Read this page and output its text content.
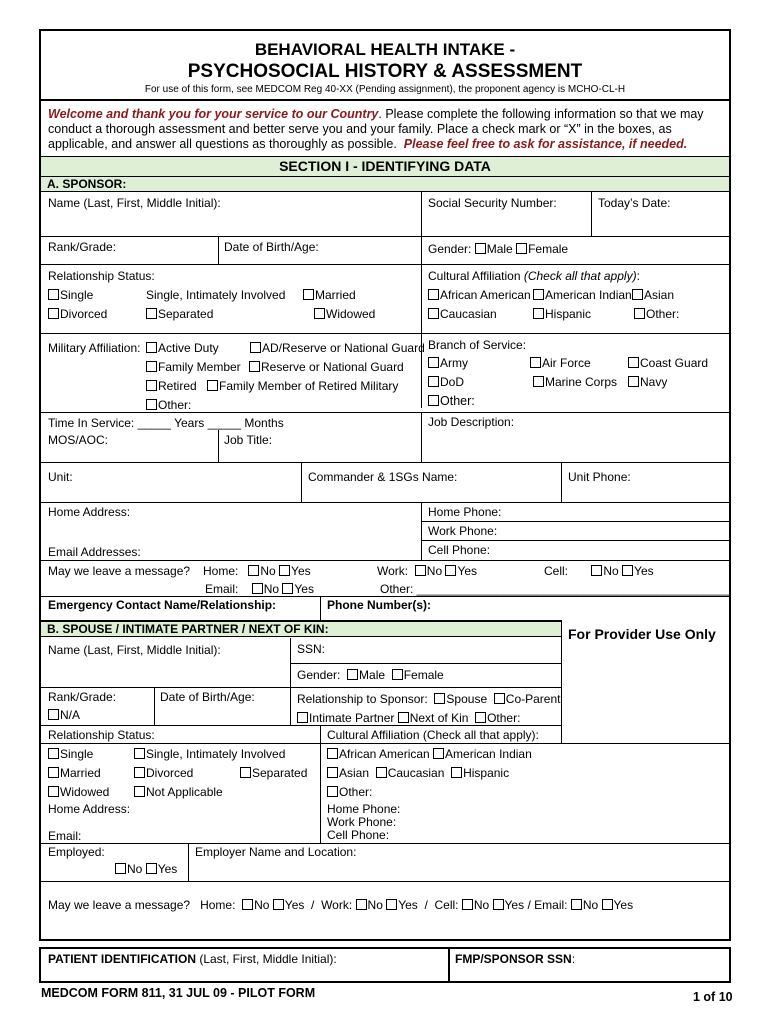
BEHAVIORAL HEALTH INTAKE -
PSYCHOSOCIAL HISTORY & ASSESSMENT
For use of this form, see MEDCOM Reg 40-XX (Pending assignment), the proponent agency is MCHO-CL-H
Welcome and thank you for your service to our Country. Please complete the following information so that we may
conduct a thorough assessment and better serve you and your family. Place a check mark or “X” in the boxes, as
applicable, and answer all questions as thoroughly as possible. Please feel free to ask for assistance, if needed.
SECTION I - IDENTIFYING DATA
A. SPONSOR:
Name (Last, First, Middle Initial):	Social Security Number:	Today’s Date:
Rank/Grade:	Date of Birth/Age:	Gender: Male Female
Relationship Status:
Single	Single, Intimately Involved	Married
Divorced	Separated	Widowed
Cultural Affiliation (Check all that apply):
African American	American Indian	Asian
Caucasian	Hispanic	Other:
Military Affiliation:	Active Duty	AD/Reserve or National Guard
Family Member	Reserve or National Guard
Retired	Family Member of Retired Military
Other:
Branch of Service:
Army	Air Force	Coast Guard
DoD	Marine Corps	Navy
Other:
Time In Service: _____ Years _____ Months	Job Description:
MOS/AOC:	Job Title:
Unit:	Commander & 1SGs Name:	Unit Phone:
Home Address:	Home Phone:
Work Phone:
Email Addresses:	Cell Phone:
May we leave a message? Home: No Yes	Work: No Yes	Cell:	No Yes
Email: No Yes	Other: _______________________________________________
Emergency Contact Name/Relationship:	Phone Number(s):
B. SPOUSE / INTIMATE PARTNER / NEXT OF KIN:	For Provider Use Only
Name (Last, First, Middle Initial):	SSN:
Gender: Male Female
Rank/Grade:
N/A
Date of Birth/Age:	Relationship to Sponsor: Spouse Co-Parent
Intimate Partner Next of Kin Other:
Relationship Status:
Single	Single, Intimately Involved
Married	Divorced	Separated
Widowed	Not Applicable
Cultural Affiliation (Check all that apply):
African American American Indian
Asian Caucasian Hispanic
Other:
Home Address:	Home Phone:
Work Phone:
Cell Phone:
Email:
Employed:
No Yes
Employer Name and Location:
May we leave a message? Home: No Yes / Work: No Yes / Cell: No Yes / Email: No Yes
PATIENT IDENTIFICATION (Last, First, Middle Initial):	FMP/SPONSOR SSN:
MEDCOM FORM 811, 31 JUL 09 - PILOT FORM	1 of 10
